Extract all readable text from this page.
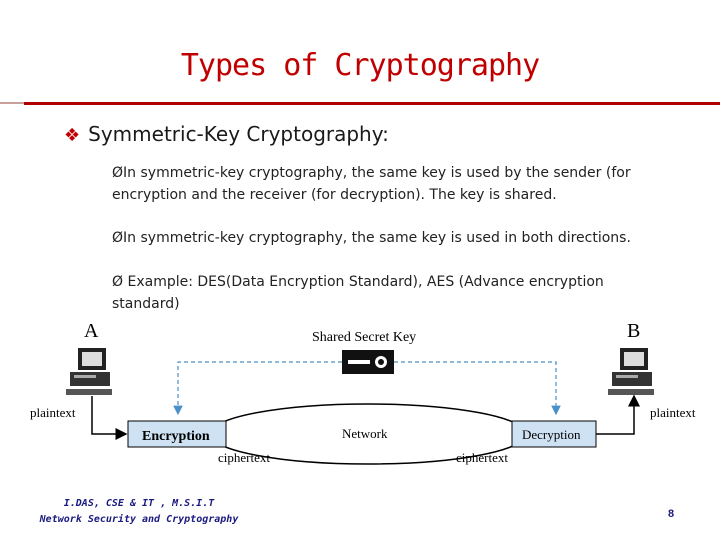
Types of Cryptography
❖ Symmetric-Key Cryptography:
ØIn symmetric-key cryptography, the same key is used by the sender (for encryption and the receiver (for decryption). The key is shared.
ØIn symmetric-key cryptography, the same key is used in both directions.
Ø Example: DES(Data Encryption Standard), AES (Advance encryption standard)
A	B
Shared Secret Key
plaintext	plaintext
Network
Encryption	Decryption
ciphertext	ciphertext
I.DAS, CSE & IT , M.S.I.T
Network Security and Cryptography	8
